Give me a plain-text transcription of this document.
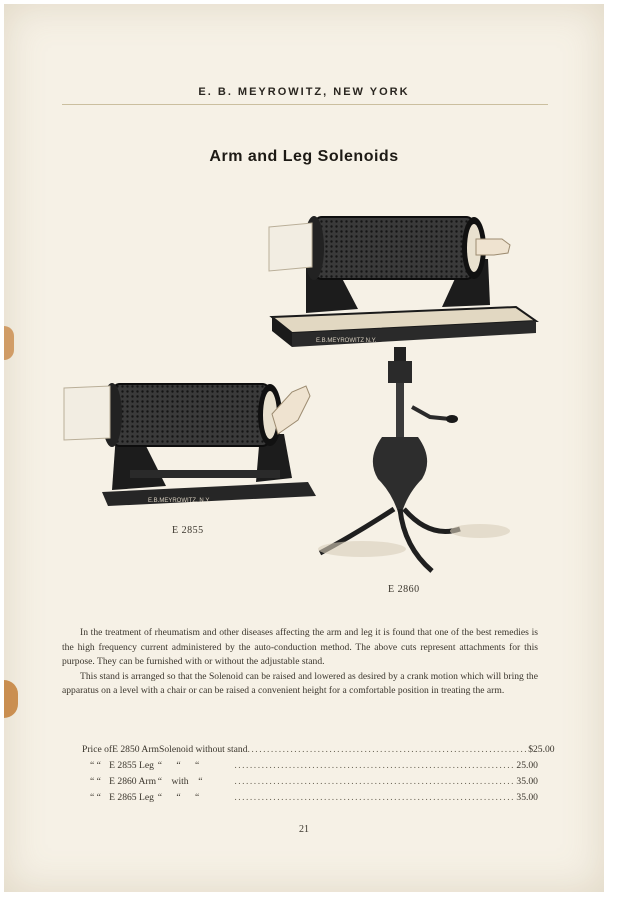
E. B. MEYROWITZ, NEW YORK
Arm and Leg Solenoids
E.B.MEYROWITZ N.Y.
E.B.MEYROWITZ. N.Y.
E 2855
E 2860

In the treatment of rheumatism and other diseases affecting the arm and leg it is found that one of the best remedies is the high frequency current administered by the auto-conduction method. The above cuts represent attachments for this purpose. They can be furnished with or without the adjustable stand.

This stand is arranged so that the Solenoid can be raised and lowered as desired by a crank motion which will bring the apparatus on a level with a chair or can be raised a convenient height for a comfortable position in treating the arm.

Price of E 2850 Arm Solenoid without stand ........................................................................ $25.00
“ “ E 2855 Leg “      “      “	........................................................................ 25.00
“ “ E 2860 Arm “    with    “	........................................................................ 35.00
“ “ E 2865 Leg “      “      “	........................................................................ 35.00
21
